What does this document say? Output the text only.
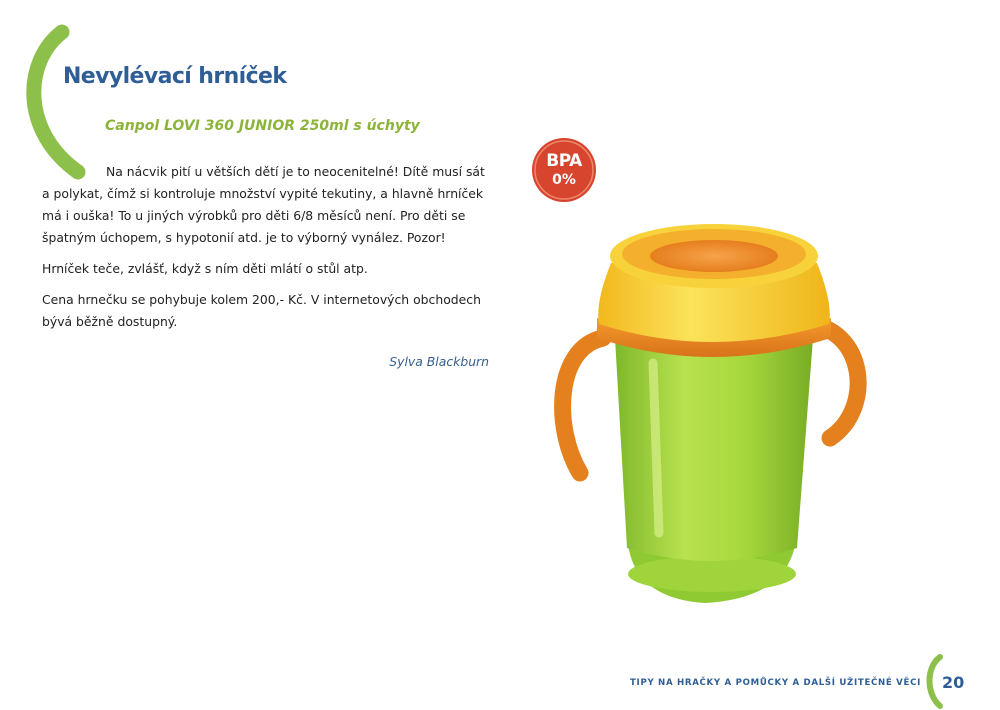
Nevylévací hrníček
Canpol LOVI 360 JUNIOR 250ml s úchyty

Na nácvik pití u větších dětí je to neocenitelné! Dítě musí sát a polykat, čímž si kontroluje množství vypité tekutiny, a hlavně hrníček má i ouška! To u jiných výrobků pro děti 6/8 měsíců není. Pro děti se špatným úchopem, s hypotonií atd. je to výborný vynález. Pozor!

Hrníček teče, zvlášť, když s ním děti mlátí o stůl atp.

Cena hrnečku se pohybuje kolem 200,- Kč. V internetových obchodech bývá běžně dostupný.

Sylva Blackburn

BPA
0%

TIPY NA HRAČKY A POMŮCKY A DALŠÍ UŽITEČNÉ VĚCI 20
